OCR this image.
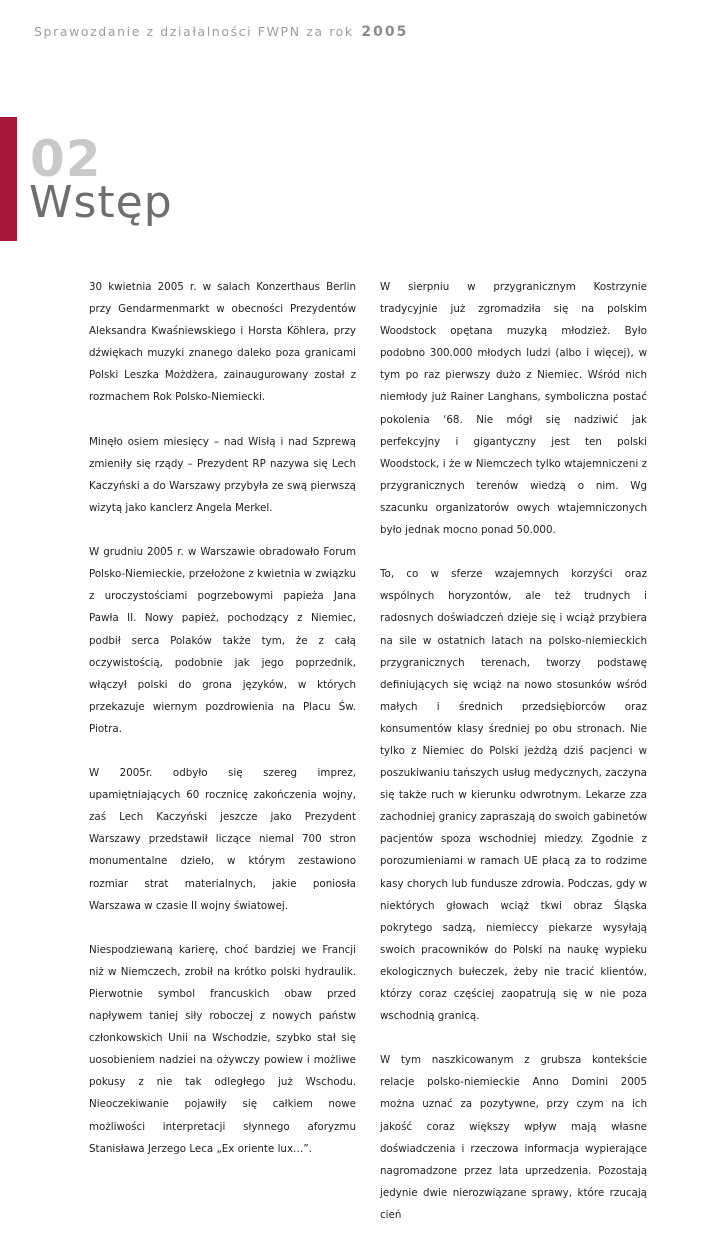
Sprawozdanie z działalności FWPN za rok 2005
02
Wstęp

30 kwietnia 2005 r. w salach Konzerthaus Berlin przy Gendarmenmarkt w obecności Prezydentów Aleksandra Kwaśniewskiego i Horsta Köhlera, przy dźwiękach muzyki znanego daleko poza granicami Polski Leszka Możdżera, zainaugurowany został z rozmachem Rok Polsko-Niemiecki.

Minęło osiem miesięcy – nad Wisłą i nad Szprewą zmieniły się rządy – Prezydent RP nazywa się Lech Kaczyński a do Warszawy przybyła ze swą pierwszą wizytą jako kanclerz Angela Merkel.

W grudniu 2005 r. w Warszawie obradowało Forum Polsko-Niemieckie, przełożone z kwietnia w związku z uroczystościami pogrzebowymi papieża Jana Pawła II. Nowy papież, pochodzący z Niemiec, podbił serca Polaków także tym, że z całą oczywistością, podobnie jak jego poprzednik, włączył polski do grona języków, w których przekazuje wiernym pozdrowienia na Placu Św. Piotra.

W 2005r. odbyło się szereg imprez, upamiętniających 60 rocznicę zakończenia wojny, zaś Lech Kaczyński jeszcze jako Prezydent Warszawy przedstawił liczące niemal 700 stron monumentalne dzieło, w którym zestawiono rozmiar strat materialnych, jakie poniosła Warszawa w czasie II wojny światowej.

Niespodziewaną karierę, choć bardziej we Francji niż w Niemczech, zrobił na krótko polski hydraulik. Pierwotnie symbol francuskich obaw przed napływem taniej siły roboczej z nowych państw członkowskich Unii na Wschodzie, szybko stał się uosobieniem nadziei na ożywczy powiew i możliwe pokusy z nie tak odległego już Wschodu. Nieoczekiwanie pojawiły się całkiem nowe możliwości interpretacji słynnego aforyzmu Stanisława Jerzego Leca „Ex oriente lux…”.

W sierpniu w przygranicznym Kostrzynie tradycyjnie już zgromadziła się na polskim Woodstock opętana muzyką młodzież. Było podobno 300.000 młodych ludzi (albo i więcej), w tym po raz pierwszy dużo z Niemiec. Wśród nich niemłody już Rainer Langhans, symboliczna postać pokolenia ‘68. Nie mógł się nadziwić jak perfekcyjny i gigantyczny jest ten polski Woodstock, i że w Niemczech tylko wtajemniczeni z przygranicznych terenów wiedzą o nim. Wg szacunku organizatorów owych wtajemniczonych było jednak mocno ponad 50.000.

To, co w sferze wzajemnych korzyści oraz wspólnych horyzontów, ale też trudnych i radosnych doświadczeń dzieje się i wciąż przybiera na sile w ostatnich latach na polsko-niemieckich przygranicznych terenach, tworzy podstawę definiujących się wciąż na nowo stosunków wśród małych i średnich przedsiębiorców oraz konsumentów klasy średniej po obu stronach. Nie tylko z Niemiec do Polski jeżdżą dziś pacjenci w poszukiwaniu tańszych usług medycznych, zaczyna się także ruch w kierunku odwrotnym. Lekarze zza zachodniej granicy zapraszają do swoich gabinetów pacjentów spoza wschodniej miedzy. Zgodnie z porozumieniami w ramach UE płacą za to rodzime kasy chorych lub fundusze zdrowia. Podczas, gdy w niektórych głowach wciąż tkwi obraz Śląska pokrytego sadzą, niemieccy piekarze wysyłają swoich pracowników do Polski na naukę wypieku ekologicznych bułeczek, żeby nie tracić klientów, którzy coraz częściej zaopatrują się w nie poza wschodnią granicą.

W tym naszkicowanym z grubsza kontekście relacje polsko-niemieckie Anno Domini 2005 można uznać za pozytywne, przy czym na ich jakość coraz większy wpływ mają własne doświadczenia i rzeczowa informacja wypierające nagromadzone przez lata uprzedzenia. Pozostają jedynie dwie nierozwiązane sprawy, które rzucają cień
